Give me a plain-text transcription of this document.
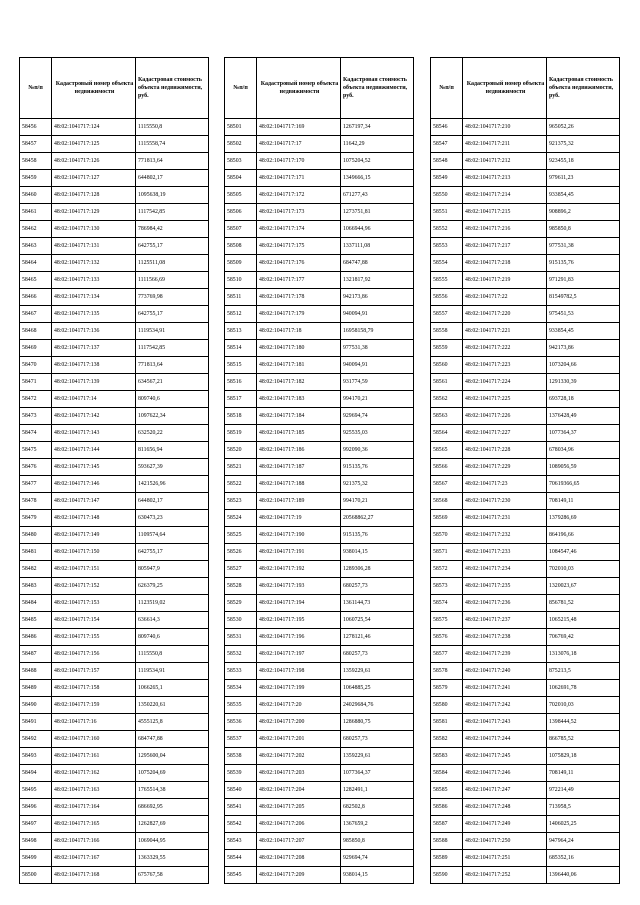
№п/п	Кадастровый номер объекта недвижимости	Кадастровая стоимость объекта недвижимости, руб.
58456	48:02:1041717:124	1115550,8
58457	48:02:1041717:125	1115558,74
58458	48:02:1041717:126	771813,64
58459	48:02:1041717:127	644802,17
58460	48:02:1041717:128	1095638,19
58461	48:02:1041717:129	1117542,85
58462	48:02:1041717:130	786984,42
58463	48:02:1041717:131	642755,17
58464	48:02:1041717:132	1125511,08
58465	48:02:1041717:133	1111566,69
58466	48:02:1041717:134	773769,98
58467	48:02:1041717:135	642755,17
58468	48:02:1041717:136	1119534,91
58469	48:02:1041717:137	1117542,85
58470	48:02:1041717:138	771813,64
58471	48:02:1041717:139	634567,21
58472	48:02:1041717:14	809740,6
58473	48:02:1041717:142	1097622,34
58474	48:02:1041717:143	632520,22
58475	48:02:1041717:144	811656,94
58476	48:02:1041717:145	593627,39
58477	48:02:1041717:146	1421526,96
58478	48:02:1041717:147	644802,17
58479	48:02:1041717:148	630473,23
58480	48:02:1041717:149	1109574,64
58481	48:02:1041717:150	642755,17
58482	48:02:1041717:151	805947,9
58483	48:02:1041717:152	626379,25
58484	48:02:1041717:153	1123519,02
58485	48:02:1041717:154	636614,3
58486	48:02:1041717:155	809740,6
58487	48:02:1041717:156	1115550,8
58488	48:02:1041717:157	1119534,91
58489	48:02:1041717:158	1066265,1
58490	48:02:1041717:159	1350220,61
58491	48:02:1041717:16	4555125,8
58492	48:02:1041717:160	684747,88
58493	48:02:1041717:161	1295600,04
58494	48:02:1041717:162	1075204,69
58495	48:02:1041717:163	1765514,38
58496	48:02:1041717:164	686692,95
58497	48:02:1041717:165	1262827,69
58498	48:02:1041717:166	1069044,95
58499	48:02:1041717:167	1363329,55
58500	48:02:1041717:168	675767,58
№п/п	Кадастровый номер объекта недвижимости	Кадастровая стоимость объекта недвижимости, руб.
58501	48:02:1041717:169	1267197,34
58502	48:02:1041717:17	11642,29
58503	48:02:1041717:170	1075204,52
58504	48:02:1041717:171	1349666,15
58505	48:02:1041717:172	671277,43
58506	48:02:1041717:173	1273751,81
58507	48:02:1041717:174	1066944,96
58508	48:02:1041717:175	1337111,08
58509	48:02:1041717:176	684747,88
58510	48:02:1041717:177	1321817,92
58511	48:02:1041717:178	942173,86
58512	48:02:1041717:179	940094,91
58513	48:02:1041717:18	16958158,79
58514	48:02:1041717:180	977531,38
58515	48:02:1041717:181	940094,91
58516	48:02:1041717:182	931774,59
58517	48:02:1041717:183	994170,21
58518	48:02:1041717:184	929694,74
58519	48:02:1041717:185	925535,03
58520	48:02:1041717:186	992090,36
58521	48:02:1041717:187	915135,76
58522	48:02:1041717:188	921375,32
58523	48:02:1041717:189	994170,21
58524	48:02:1041717:19	20568862,27
58525	48:02:1041717:190	915135,76
58526	48:02:1041717:191	938014,15
58527	48:02:1041717:192	1289306,28
58528	48:02:1041717:193	680257,73
58529	48:02:1041717:194	1361144,73
58530	48:02:1041717:195	1060725,54
58531	48:02:1041717:196	1278121,46
58532	48:02:1041717:197	680257,73
58533	48:02:1041717:198	1359229,61
58534	48:02:1041717:199	1064885,25
58535	48:02:1041717:20	24029684,76
58536	48:02:1041717:200	1286880,75
58537	48:02:1041717:201	680257,73
58538	48:02:1041717:202	1359229,61
58539	48:02:1041717:203	1077364,37
58540	48:02:1041717:204	1282491,1
58541	48:02:1041717:205	682502,8
58542	48:02:1041717:206	1367659,2
58543	48:02:1041717:207	985850,8
58544	48:02:1041717:208	929694,74
58545	48:02:1041717:209	938014,15
№п/п	Кадастровый номер объекта недвижимости	Кадастровая стоимость объекта недвижимости, руб.
58546	48:02:1041717:210	965052,26
58547	48:02:1041717:211	921375,32
58548	48:02:1041717:212	923455,18
58549	48:02:1041717:213	979611,23
58550	48:02:1041717:214	933854,45
58551	48:02:1041717:215	908896,2
58552	48:02:1041717:216	985850,8
58553	48:02:1041717:217	977531,38
58554	48:02:1041717:218	915135,76
58555	48:02:1041717:219	971291,83
58556	48:02:1041717:22	81549782,5
58557	48:02:1041717:220	975451,53
58558	48:02:1041717:221	933854,45
58559	48:02:1041717:222	942173,86
58560	48:02:1041717:223	1073204,66
58561	48:02:1041717:224	1291330,39
58562	48:02:1041717:225	693728,18
58563	48:02:1041717:226	1376428,49
58564	48:02:1041717:227	1077364,37
58565	48:02:1041717:228	678034,96
58566	48:02:1041717:229	1089056,59
58567	48:02:1041717:23	70619366,65
58568	48:02:1041717:230	708149,11
58569	48:02:1041717:231	1379286,69
58570	48:02:1041717:232	864196,66
58571	48:02:1041717:233	1084547,46
58572	48:02:1041717:234	702010,03
58573	48:02:1041717:235	1320023,67
58574	48:02:1041717:236	856781,52
58575	48:02:1041717:237	1065215,48
58576	48:02:1041717:238	706769,42
58577	48:02:1041717:239	1313076,18
58578	48:02:1041717:240	875213,5
58579	48:02:1041717:241	1062691,78
58580	48:02:1041717:242	702010,03
58581	48:02:1041717:243	1398444,52
58582	48:02:1041717:244	866785,52
58583	48:02:1041717:245	1075829,18
58584	48:02:1041717:246	708149,11
58585	48:02:1041717:247	972214,49
58586	48:02:1041717:248	713958,5
58587	48:02:1041717:249	1406025,25
58588	48:02:1041717:250	947964,24
58589	48:02:1041717:251	685352,16
58590	48:02:1041717:252	1396440,06
